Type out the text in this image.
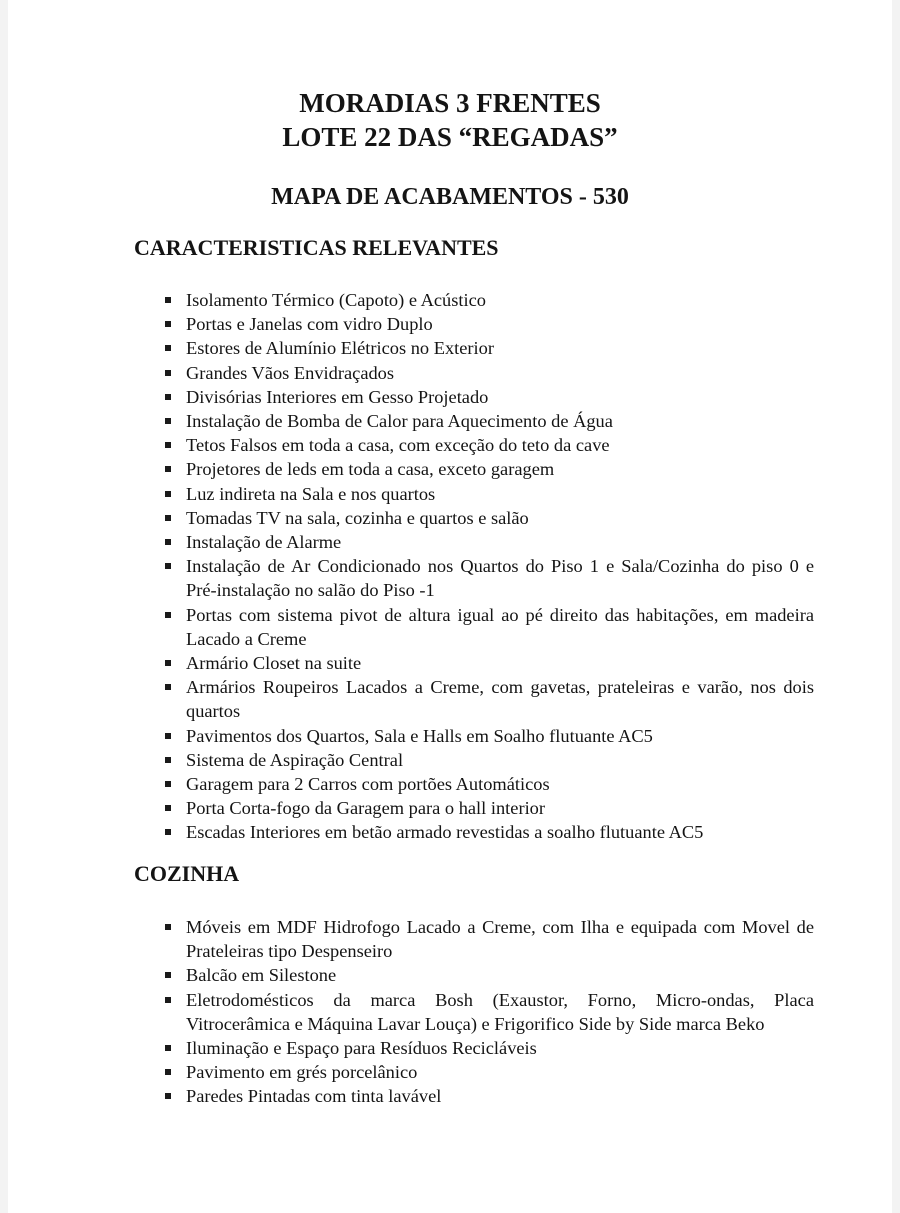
MORADIAS 3 FRENTES
LOTE 22 DAS “REGADAS”
MAPA DE ACABAMENTOS - 530
CARACTERISTICAS RELEVANTES
Isolamento Térmico (Capoto) e Acústico
Portas e Janelas com vidro Duplo
Estores de Alumínio Elétricos no Exterior
Grandes Vãos Envidraçados
Divisórias Interiores em Gesso Projetado
Instalação de Bomba de Calor para Aquecimento de Água
Tetos Falsos em toda a casa, com exceção do teto da cave
Projetores de leds em toda a casa, exceto garagem
Luz indireta na Sala e nos quartos
Tomadas TV na sala, cozinha e quartos e salão
Instalação de Alarme
Instalação de Ar Condicionado nos Quartos do Piso 1 e Sala/Cozinha do piso 0 e Pré-instalação no salão do Piso -1
Portas com sistema pivot de altura igual ao pé direito das habitações, em madeira Lacado a Creme
Armário Closet na suite
Armários Roupeiros Lacados a Creme, com gavetas, prateleiras e varão, nos dois quartos
Pavimentos dos Quartos, Sala e Halls em Soalho flutuante AC5
Sistema de Aspiração Central
Garagem para 2 Carros com portões Automáticos
Porta Corta-fogo da Garagem para o hall interior
Escadas Interiores em betão armado revestidas a soalho flutuante AC5
COZINHA
Móveis em MDF Hidrofogo Lacado a Creme, com Ilha e equipada com Movel de Prateleiras tipo Despenseiro
Balcão em Silestone
Eletrodomésticos da marca Bosh (Exaustor, Forno, Micro-ondas, Placa Vitrocerâmica e Máquina Lavar Louça) e Frigorifico Side by Side marca Beko
Iluminação e Espaço para Resíduos Recicláveis
Pavimento em grés porcelânico
Paredes Pintadas com tinta lavável
